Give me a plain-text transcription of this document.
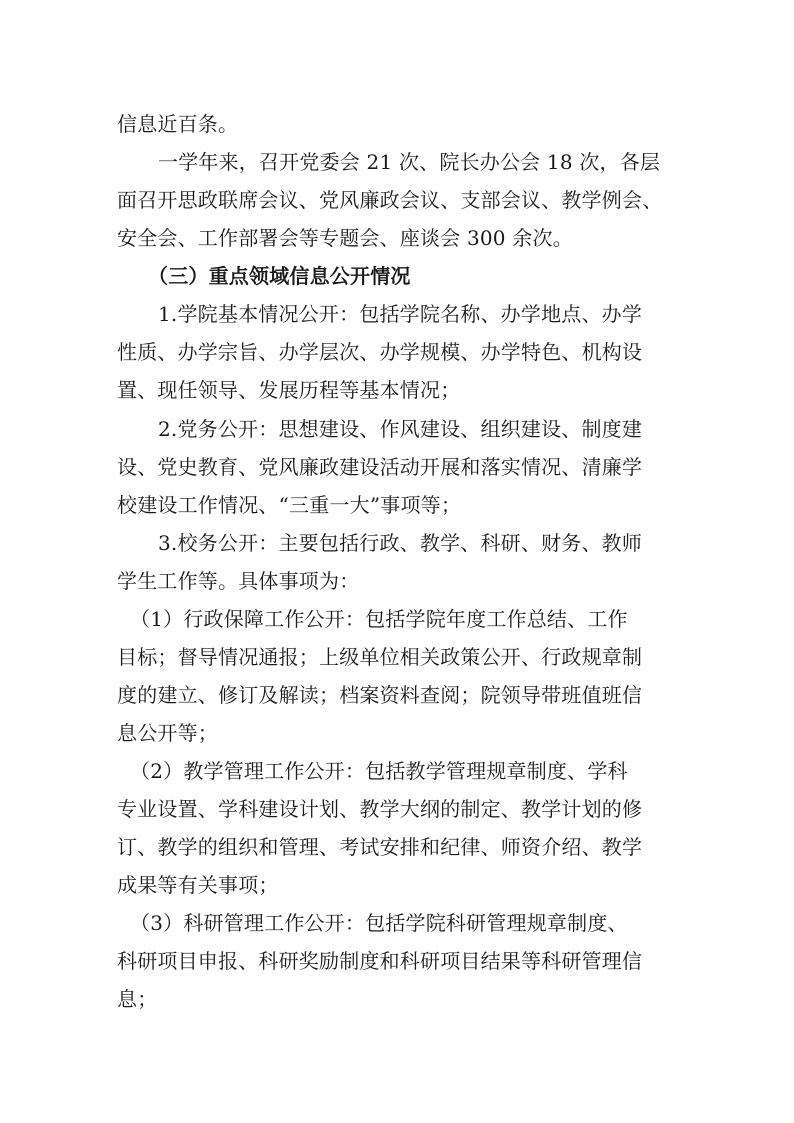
信息近百条。
一学年来，召开党委会 21 次、院长办公会 18 次，各层
面召开思政联席会议、党风廉政会议、支部会议、教学例会、
安全会、工作部署会等专题会、座谈会 300 余次。
（三）重点领域信息公开情况
1.学院基本情况公开：包括学院名称、办学地点、办学
性质、办学宗旨、办学层次、办学规模、办学特色、机构设
置、现任领导、发展历程等基本情况；
2.党务公开：思想建设、作风建设、组织建设、制度建
设、党史教育、党风廉政建设活动开展和落实情况、清廉学
校建设工作情况、“三重一大”事项等；
3.校务公开：主要包括行政、教学、科研、财务、教师
学生工作等。具体事项为：
（1）行政保障工作公开：包括学院年度工作总结、工作
目标；督导情况通报；上级单位相关政策公开、行政规章制
度的建立、修订及解读；档案资料查阅；院领导带班值班信
息公开等；
（2）教学管理工作公开：包括教学管理规章制度、学科
专业设置、学科建设计划、教学大纲的制定、教学计划的修
订、教学的组织和管理、考试安排和纪律、师资介绍、教学
成果等有关事项；
（3）科研管理工作公开：包括学院科研管理规章制度、
科研项目申报、科研奖励制度和科研项目结果等科研管理信
息；
